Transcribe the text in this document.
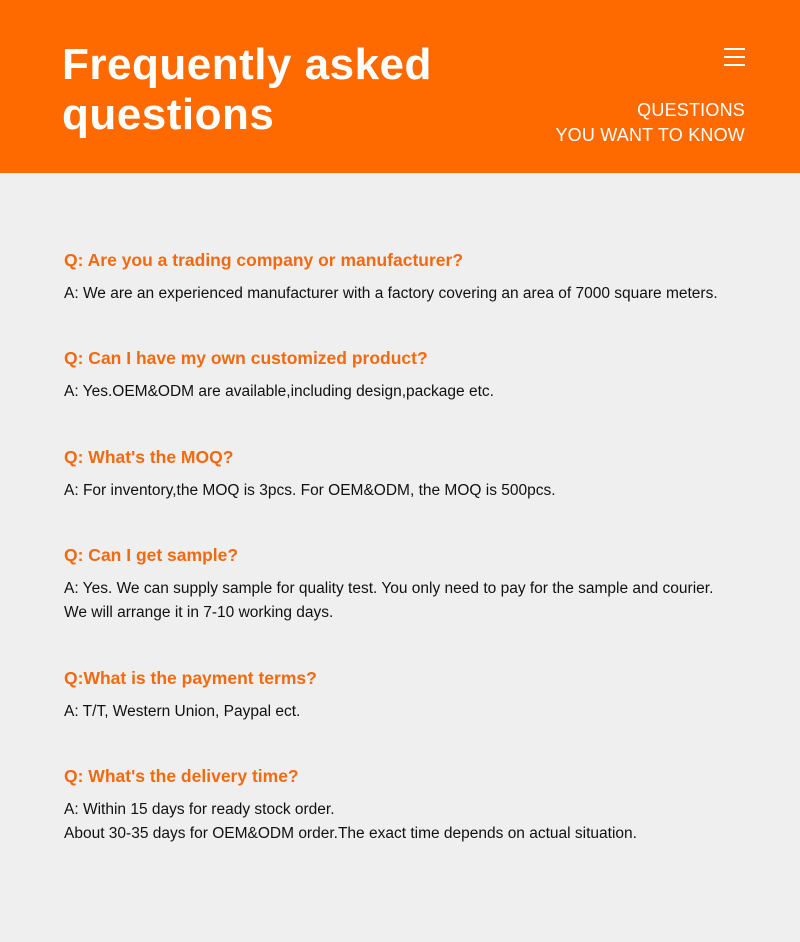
Frequently asked
questions	QUESTIONS
YOU WANT TO KNOW
Q: Are you a trading company or manufacturer?
A: We are an experienced manufacturer with a factory covering an area of 7000 square meters.
Q: Can I have my own customized product?
A: Yes.OEM&ODM are available,including design,package etc.
Q: What's the MOQ?
A: For inventory,the MOQ is 3pcs. For OEM&ODM, the MOQ is 500pcs.
Q: Can I get sample?
A: Yes. We can supply sample for quality test. You only need to pay for the sample and courier.
We will arrange it in 7-10 working days.
Q:What is the payment terms?
A: T/T, Western Union, Paypal ect.
Q: What's the delivery time?
A: Within 15 days for ready stock order.
About 30-35 days for OEM&ODM order.The exact time depends on actual situation.
